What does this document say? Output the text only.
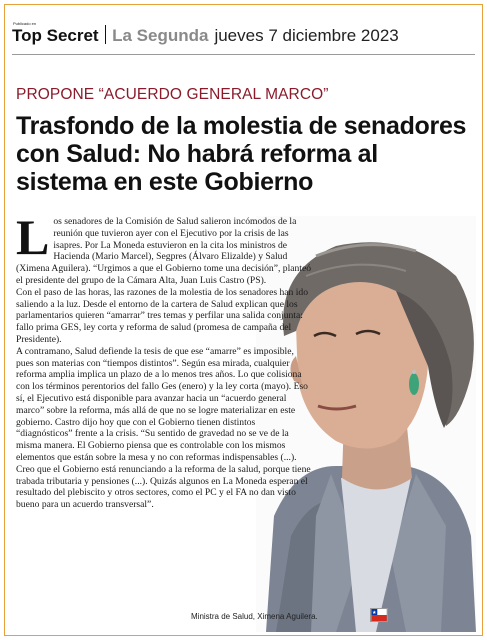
Publicado en
Top Secret La Segunda jueves 7 diciembre 2023
PROPONE “ACUERDO GENERAL MARCO”
Trasfondo de la molestia de senadores con Salud: No habrá reforma al sistema en este Gobierno
L os senadores de la Comisión de Salud salieron incómodos de la reunión que tuvieron ayer con el Ejecutivo por la crisis de las isapres. Por La Moneda estuvieron en la cita los ministros de Hacienda (Mario Marcel), Segpres (Álvaro Elizalde) y Salud (Ximena Aguilera). “Urgimos a que el Gobierno tome una decisión”, planteó el presidente del grupo de la Cámara Alta, Juan Luis Castro (PS).

Con el paso de las horas, las razones de la molestia de los senadores han ido saliendo a la luz. Desde el entorno de la cartera de Salud explican que los parlamentarios quieren “amarrar” tres temas y perfilar una salida conjunta: fallo prima GES, ley corta y reforma de salud (promesa de campaña del Presidente).

A contramano, Salud defiende la tesis de que ese “amarre” es imposible, pues son materias con “tiempos distintos”. Según esa mirada, cualquier reforma amplia implica un plazo de a lo menos tres años. Lo que colisiona con los términos perentorios del fallo Ges (enero) y la ley corta (mayo). Eso sí, el Ejecutivo está disponible para avanzar hacia un “acuerdo general marco” sobre la reforma, más allá de que no se logre materializar en este gobierno. Castro dijo hoy que con el Gobierno tienen distintos “diagnósticos” frente a la crisis. “Su sentido de gravedad no se ve de la misma manera. El Gobierno piensa que es controlable con los mismos elementos que están sobre la mesa y no con reformas indispensables (...). Creo que el Gobierno está renunciando a la reforma de la salud, porque tiene trabada tributaria y pensiones (...). Quizás algunos en La Moneda esperan el resultado del plebiscito y otros sectores, como el PC y el FA no dan visto bueno para un acuerdo transversal”.

Ministra de Salud, Ximena Aguilera.
